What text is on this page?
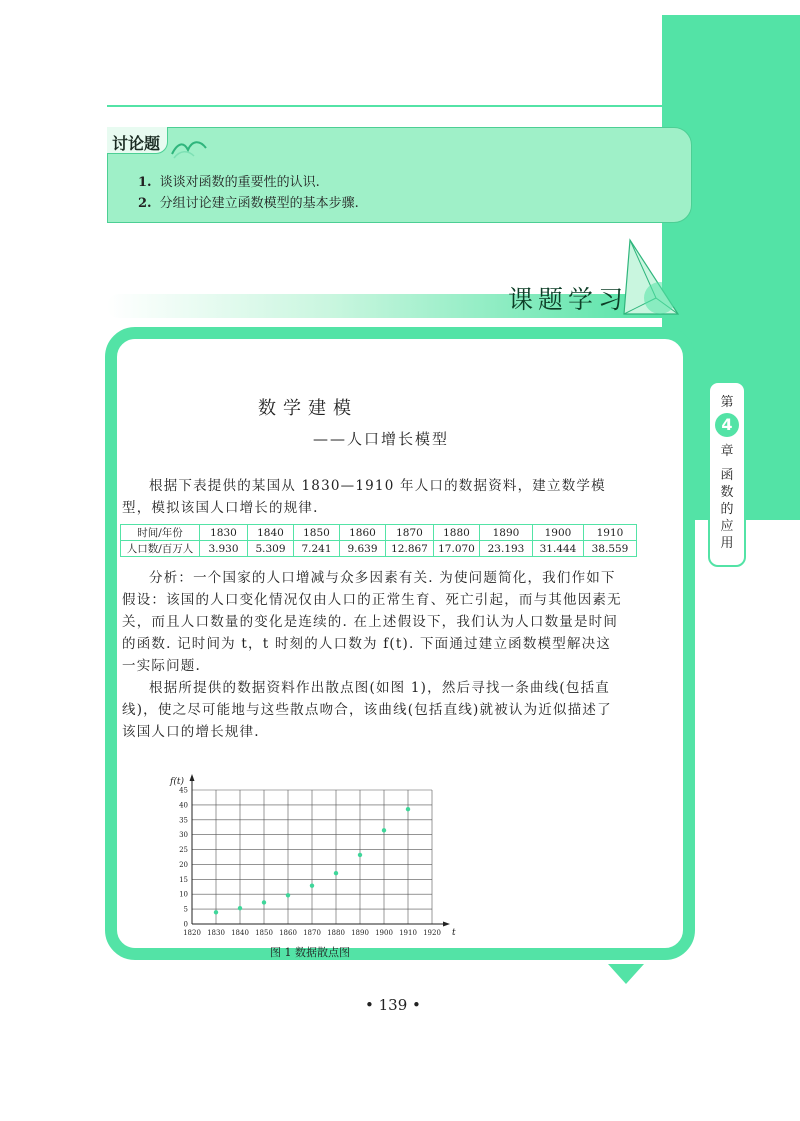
讨论题
1. 谈谈对函数的重要性的认识.
2. 分组讨论建立函数模型的基本步骤.
课题学习
第
4
章
函
数
的
应
用
数学建模
——人口增长模型
根据下表提供的某国从 1830—1910 年人口的数据资料，建立数学模型，模拟该国人口增长的规律.
时间/年份	1830	1840	1850	1860	1870	1880	1890	1900	1910
人口数/百万人	3.930	5.309	7.241	9.639	12.867	17.070	23.193	31.444	38.559
分析：一个国家的人口增减与众多因素有关. 为使问题简化，我们作如下假设：该国的人口变化情况仅由人口的正常生育、死亡引起，而与其他因素无关，而且人口数量的变化是连续的. 在上述假设下，我们认为人口数量是时间的函数. 记时间为 t，t 时刻的人口数为 f(t). 下面通过建立函数模型解决这一实际问题.
根据所提供的数据资料作出散点图(如图 1)，然后寻找一条曲线(包括直线)，使之尽可能地与这些散点吻合，该曲线(包括直线)就被认为近似描述了该国人口的增长规律.
1820 1830 1840 1850 1860 1870 1880 1890 1900 1910 1920
0
5
10
15
20
25
30
35
40
45
t
f(t)
图 1 数据散点图
• 139 •
